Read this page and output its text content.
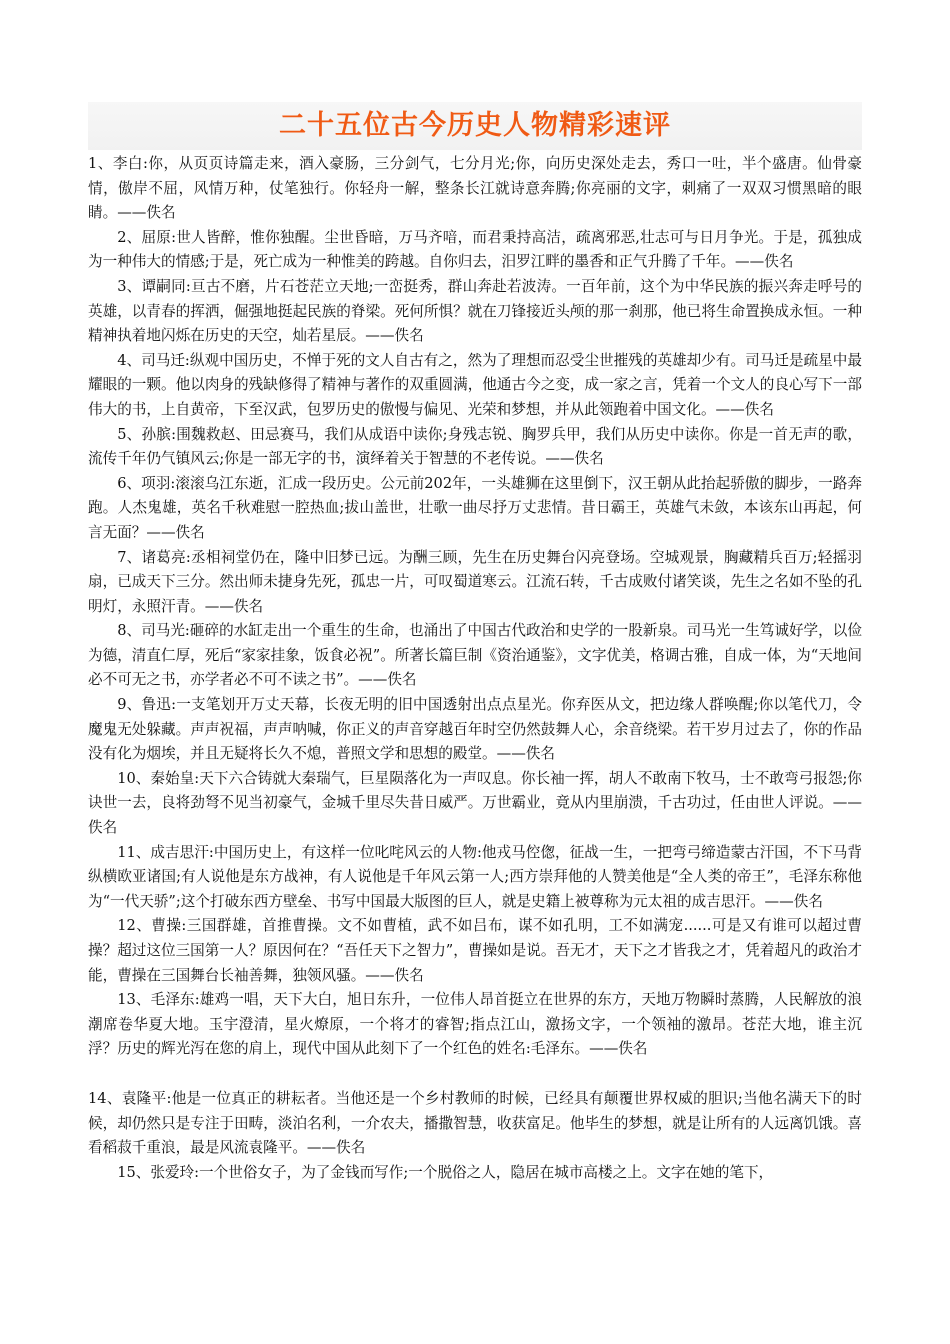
二十五位古今历史人物精彩速评

1、李白:你，从页页诗篇走来，酒入豪肠，三分剑气，七分月光;你，向历史深处走去，秀口一吐，半个盛唐。仙骨豪情，傲岸不屈，风情万种，仗笔独行。你轻舟一解，整条长江就诗意奔腾;你亮丽的文字，刺痛了一双双习惯黑暗的眼睛。——佚名

2、屈原:世人皆醉，惟你独醒。尘世昏暗，万马齐喑，而君秉持高洁，疏离邪恶,壮志可与日月争光。于是，孤独成为一种伟大的情感;于是，死亡成为一种惟美的跨越。自你归去，汨罗江畔的墨香和正气升腾了千年。——佚名

3、谭嗣同:亘古不磨，片石苍茫立天地;一峦挺秀，群山奔赴若波涛。一百年前，这个为中华民族的振兴奔走呼号的英雄，以青春的挥洒，倔强地挺起民族的脊梁。死何所惧？就在刀锋接近头颅的那一刹那，他已将生命置换成永恒。一种精神执着地闪烁在历史的天空，灿若星辰。——佚名

4、司马迁:纵观中国历史，不惮于死的文人自古有之，然为了理想而忍受尘世摧残的英雄却少有。司马迁是疏星中最耀眼的一颗。他以肉身的残缺修得了精神与著作的双重圆满，他通古今之变，成一家之言，凭着一个文人的良心写下一部伟大的书，上自黄帝，下至汉武，包罗历史的傲慢与偏见、光荣和梦想，并从此领跑着中国文化。——佚名

5、孙膑:围魏救赵、田忌赛马，我们从成语中读你;身残志锐、胸罗兵甲，我们从历史中读你。你是一首无声的歌，流传千年仍气镇风云;你是一部无字的书，演绎着关于智慧的不老传说。——佚名

6、项羽:滚滚乌江东逝，汇成一段历史。公元前202年，一头雄狮在这里倒下，汉王朝从此抬起骄傲的脚步，一路奔跑。人杰鬼雄，英名千秋难慰一腔热血;拔山盖世，壮歌一曲尽抒万丈悲情。昔日霸王，英雄气未敛，本该东山再起，何言无面？——佚名

7、诸葛亮:丞相祠堂仍在，隆中旧梦已远。为酬三顾，先生在历史舞台闪亮登场。空城观景，胸藏精兵百万;轻摇羽扇，已成天下三分。然出师未捷身先死，孤忠一片，可叹蜀道寒云。江流石转，千古成败付诸笑谈，先生之名如不坠的孔明灯，永照汗青。——佚名

8、司马光:砸碎的水缸走出一个重生的生命，也涌出了中国古代政治和史学的一股新泉。司马光一生笃诚好学，以俭为德，清直仁厚，死后“家家挂象，饭食必祝”。所著长篇巨制《资治通鉴》，文字优美，格调古雅，自成一体，为“天地间必不可无之书，亦学者必不可不读之书”。——佚名

9、鲁迅:一支笔划开万丈天幕，长夜无明的旧中国透射出点点星光。你弃医从文，把边缘人群唤醒;你以笔代刀，令魔鬼无处躲藏。声声祝福，声声呐喊，你正义的声音穿越百年时空仍然鼓舞人心，余音绕梁。若干岁月过去了，你的作品没有化为烟埃，并且无疑将长久不熄，普照文学和思想的殿堂。——佚名

10、秦始皇:天下六合铸就大秦瑞气，巨星陨落化为一声叹息。你长袖一挥，胡人不敢南下牧马，士不敢弯弓报怨;你诀世一去，良将劲弩不见当初豪气，金城千里尽失昔日威严。万世霸业，竟从内里崩溃，千古功过，任由世人评说。——佚名

11、成吉思汗:中国历史上，有这样一位叱咤风云的人物:他戎马倥偬，征战一生，一把弯弓缔造蒙古汗国，不下马背纵横欧亚诸国;有人说他是东方战神，有人说他是千年风云第一人;西方崇拜他的人赞美他是“全人类的帝王”，毛泽东称他为“一代天骄”;这个打破东西方壁垒、书写中国最大版图的巨人，就是史籍上被尊称为元太祖的成吉思汗。——佚名

12、曹操:三国群雄，首推曹操。文不如曹植，武不如吕布，谋不如孔明，工不如满宠......可是又有谁可以超过曹操？超过这位三国第一人？原因何在？“吾任天下之智力”，曹操如是说。吾无才，天下之才皆我之才，凭着超凡的政治才能，曹操在三国舞台长袖善舞，独领风骚。——佚名

13、毛泽东:雄鸡一唱，天下大白，旭日东升，一位伟人昂首挺立在世界的东方，天地万物瞬时蒸腾，人民解放的浪潮席卷华夏大地。玉宇澄清，星火燎原，一个将才的睿智;指点江山，激扬文字，一个领袖的激昂。苍茫大地，谁主沉浮？历史的辉光泻在您的肩上，现代中国从此刻下了一个红色的姓名:毛泽东。——佚名

14、袁隆平:他是一位真正的耕耘者。当他还是一个乡村教师的时候，已经具有颠覆世界权威的胆识;当他名满天下的时候，却仍然只是专注于田畴，淡泊名利，一介农夫，播撒智慧，收获富足。他毕生的梦想，就是让所有的人远离饥饿。喜看稻菽千重浪，最是风流袁隆平。——佚名

15、张爱玲:一个世俗女子，为了金钱而写作;一个脱俗之人，隐居在城市高楼之上。文字在她的笔下，
